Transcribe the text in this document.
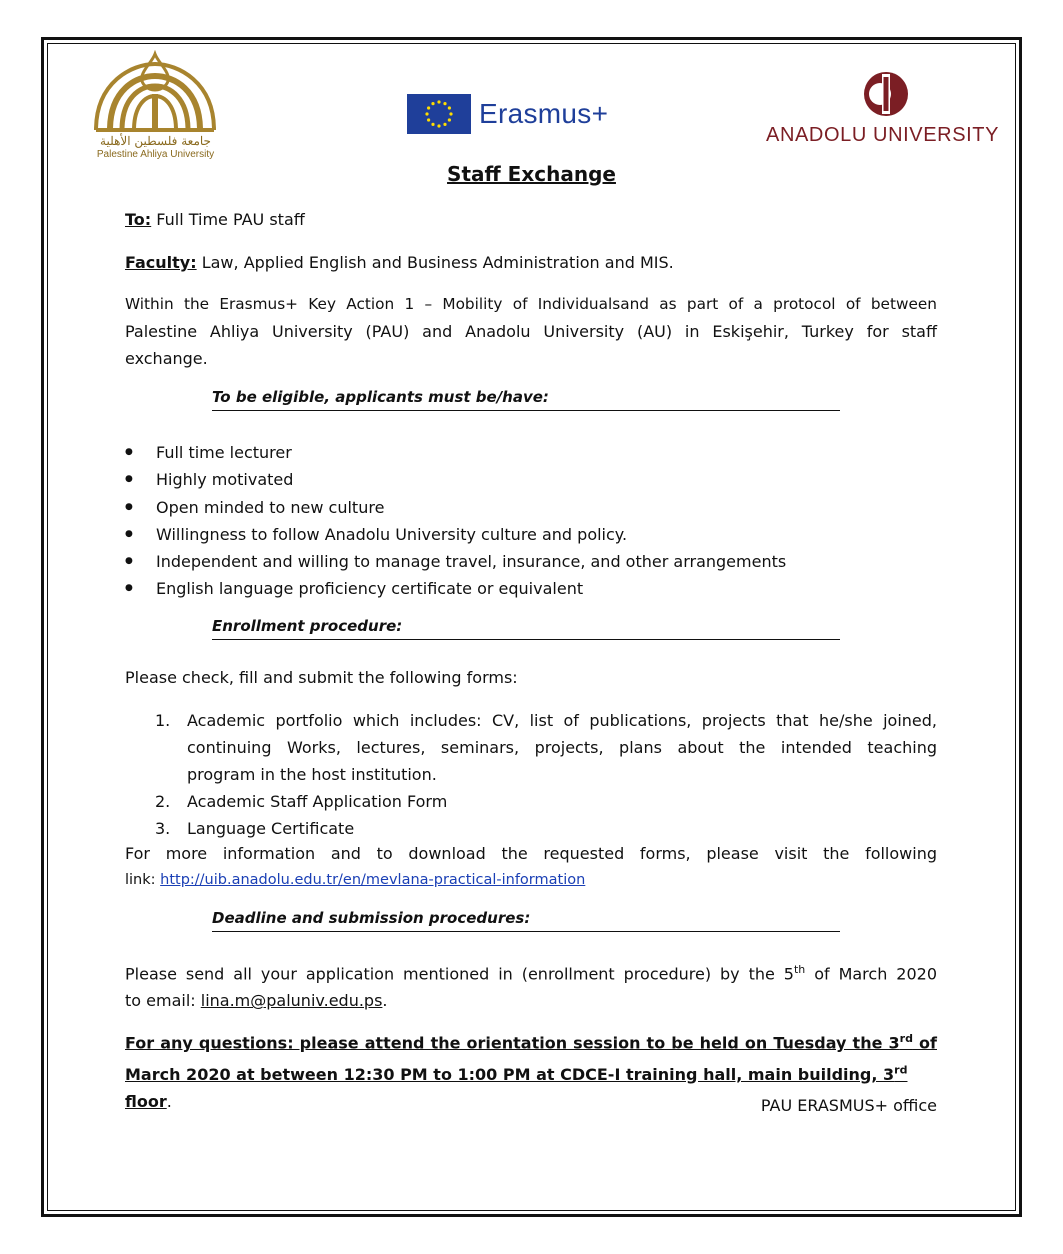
جامعة فلسطين الأهلية
Palestine Ahliya University
Erasmus+
ANADOLU UNIVERSITY
Staff Exchange
To: Full Time PAU staff
Faculty: Law, Applied English and Business Administration and MIS.
Within the Erasmus+ Key Action 1 – Mobility of Individualsand as part of a protocol of between
Palestine Ahliya University (PAU) and Anadolu University (AU) in Eskişehir, Turkey for staff
exchange.
To be eligible, applicants must be/have:
● Full time lecturer
● Highly motivated
● Open minded to new culture
● Willingness to follow Anadolu University culture and policy.
● Independent and willing to manage travel, insurance, and other arrangements
● English language proficiency certificate or equivalent
Enrollment procedure:
Please check, fill and submit the following forms:
1. Academic portfolio which includes: CV, list of publications, projects that he/she joined,
continuing Works, lectures, seminars, projects, plans about the intended teaching
program in the host institution.
2. Academic Staff Application Form
3. Language Certificate
For more information and to download the requested forms, please visit the following
link: http://uib.anadolu.edu.tr/en/mevlana-practical-information
Deadline and submission procedures:
Please send all your application mentioned in (enrollment procedure) by the 5th of March 2020
to email: lina.m@paluniv.edu.ps.
For any questions: please attend the orientation session to be held on Tuesday the 3rd of
March 2020 at between 12:30 PM to 1:00 PM at CDCE-I training hall, main building, 3rd floor.	PAU ERASMUS+ office
